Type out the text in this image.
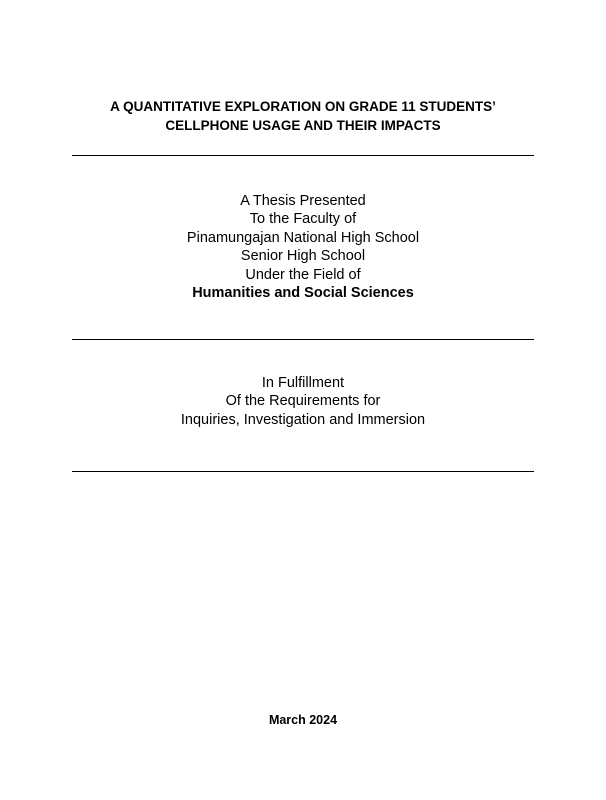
A QUANTITATIVE EXPLORATION ON GRADE 11 STUDENTS’
CELLPHONE USAGE AND THEIR IMPACTS
A Thesis Presented
To the Faculty of
Pinamungajan National High School
Senior High School
Under the Field of
Humanities and Social Sciences
In Fulfillment
Of the Requirements for
Inquiries, Investigation and Immersion
March 2024
